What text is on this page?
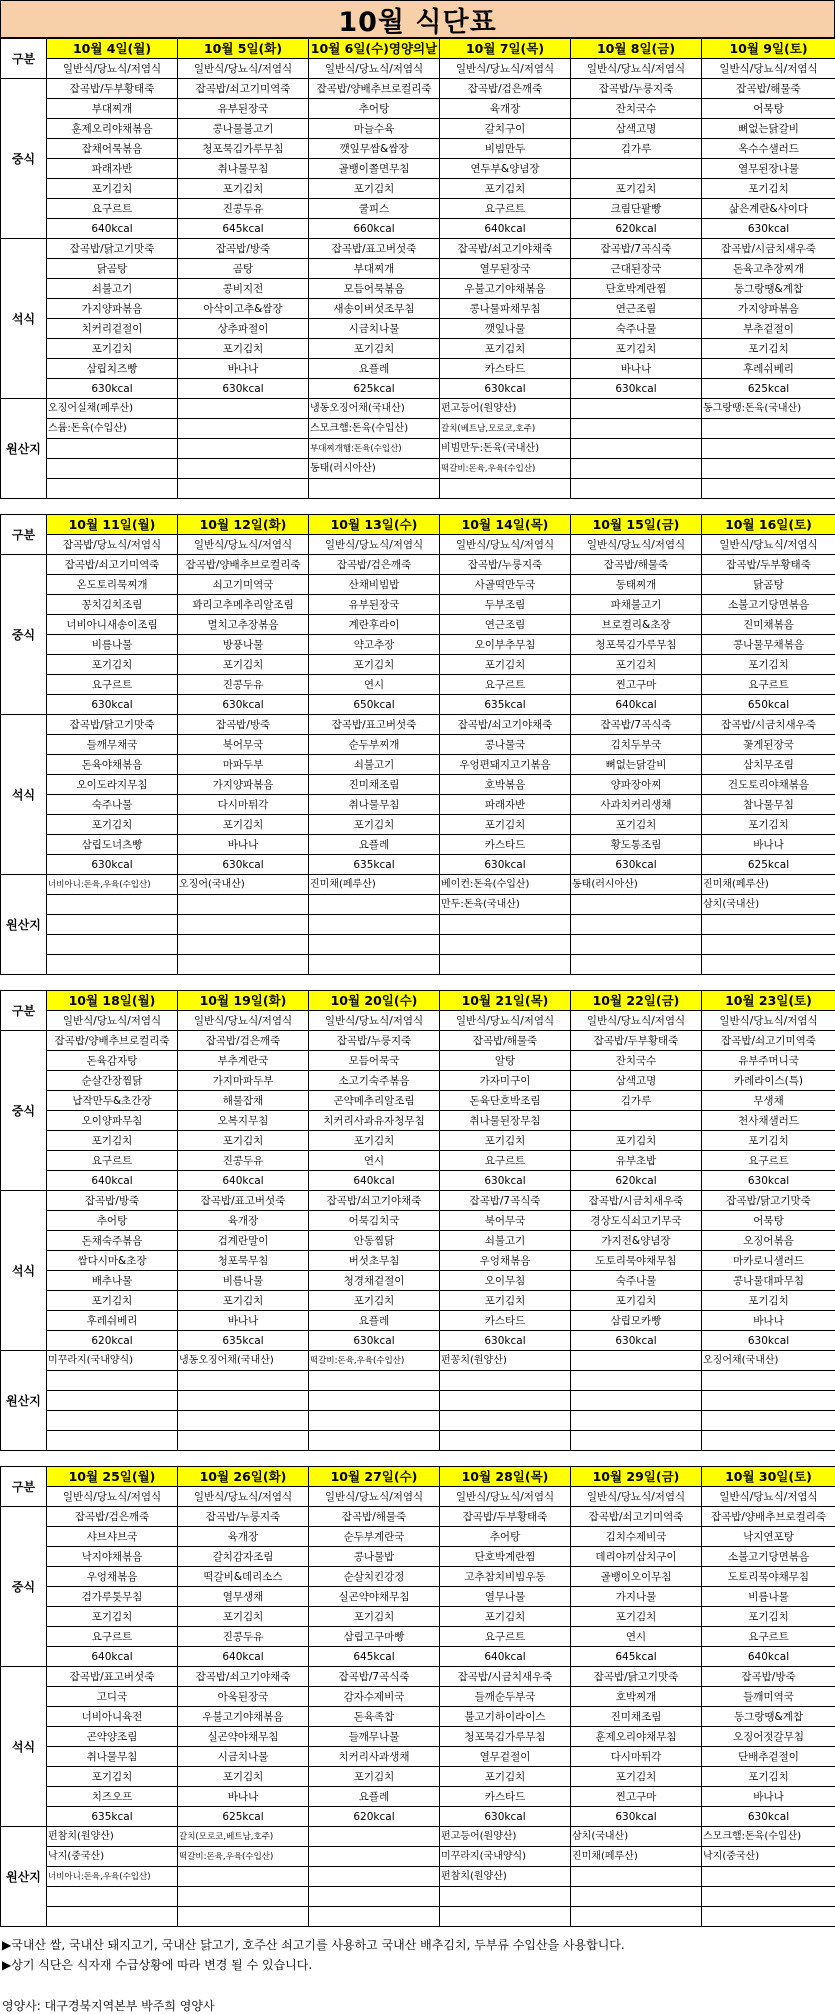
10월 식단표
구분	10월 4일(월)	10월 5일(화)	10월 6일(수)영양의날	10월 7일(목)	10월 8일(금)	10월 9일(토)
	일반식/당뇨식/저염식	일반식/당뇨식/저염식	일반식/당뇨식/저염식	일반식/당뇨식/저염식	일반식/당뇨식/저염식	일반식/당뇨식/저염식
중식	잡곡밥/두부황태죽	잡곡밥/쇠고기미역죽	잡곡밥/양배추브로컬리죽	잡곡밥/검은깨죽	잡곡밥/누룽지죽	잡곡밥/해물죽
	부대찌개	유부된장국	추어탕	육개장	잔치국수	어묵탕
	훈제오리야채볶음	콩나물불고기	마늘수육	갈치구이	삼색고명	뼈없는닭갈비
	잡채어묵볶음	청포묵김가루무침	깻잎무쌈&쌈장	비빔만두	김가루	옥수수샐러드
	파래자반	취나물무침	골뱅이쫄면무침	연두부&양념장		열무된장나물
	포기김치	포기김치	포기김치	포기김치	포기김치	포기김치
	요구르트	진콩두유	쿨피스	요구르트	크림단팥빵	삶은계란&사이다
	640kcal	645kcal	660kcal	640kcal	620kcal	630kcal
석식	잡곡밥/닭고기맛죽	잡곡밥/방죽	잡곡밥/표고버섯죽	잡곡밥/쇠고기야채죽	잡곡밥/7곡식죽	잡곡밥/시금치새우죽
	닭곰탕	곰탕	부대찌개	열무된장국	근대된장국	돈육고추장찌개
	쇠불고기	콩비지전	모듬어묵볶음	우불고기야채볶음	단호박계란찜	동그랑땡&계찹
	가지양파볶음	아삭이고추&쌈장	새송이버섯조무침	콩나물파채무침	연근조림	가지양파볶음
	치커리겉절이	상추파절이	시금치나물	깻잎나물	숙주나물	부추겉절이
	포기김치	포기김치	포기김치	포기김치	포기김치	포기김치
	삼립치즈빵	바나나	요플레	카스타드	바나나	후레쉬베리
	630kcal	630kcal	625kcal	630kcal	630kcal	625kcal
원산지	오징어실채(페루산)		냉동오징어채(국내산)	펀고등어(원양산)		동그랑땡:돈육(국내산)
	스륨:돈육(수입산)		스모크햄:돈육(수입산)	갈치(베트남,모로코,호주)		
			부대찌개햄:돈육(수입산)	비빔만두:돈육(국내산)		
			동태(러시아산)	떡갈비:돈육,우육(수입산)		

구분	10월 11일(월)	10월 12일(화)	10월 13일(수)	10월 14일(목)	10월 15일(금)	10월 16일(토)
	잡곡밥/당뇨식/저염식	일반식/당뇨식/저염식	일반식/당뇨식/저염식	일반식/당뇨식/저염식	일반식/당뇨식/저염식	일반식/당뇨식/저염식
중식	잡곡밥/쇠고기미역죽	잡곡밥/양배추브로컬리죽	잡곡밥/검은깨죽	잡곡밥/누룽지죽	잡곡밥/해물죽	잡곡밥/두부황태죽
	온도토리묵찌개	쇠고기미역국	산채비빔밥	사골떡만두국	동태찌개	닭곰탕
	꽁치김치조림	꽈리고추메추리알조림	유부된장국	두부조림	파채불고기	소불고기당면볶음
	너비아니새송이조림	멸치고추장볶음	계란후라이	연근조림	브로컬리&초장	진미채볶음
	비름나물	방풍나물	약고추장	오이부추무침	청포묵김가루무침	콩나물무채볶음
	포기김치	포기김치	포기김치	포기김치	포기김치	포기김치
	요구르트	진콩두유	연시	요구르트	찐고구마	요구르트
	630kcal	630kcal	650kcal	635kcal	640kcal	650kcal
석식	잡곡밥/닭고기맛죽	잡곡밥/방죽	잡곡밥/표고버섯죽	잡곡밥/쇠고기야채죽	잡곡밥/7곡식죽	잡곡밥/시금치새우죽
	들깨무채국	북어무국	순두부찌개	콩나물국	김치두부국	꽃게된장국
	돈육야채볶음	마파두부	쇠불고기	우엉편돼지고기볶음	뼈없는닭갈비	삼치무조림
	오이도라지무침	가지양파볶음	진미채조림	호박볶음	양파장아찌	건도토리야채볶음
	숙주나물	다시마튀각	취나물무침	파래자반	사과치커리생채	참나물무침
	포기김치	포기김치	포기김치	포기김치	포기김치	포기김치
	삼립도너츠빵	바나나	요플레	카스타드	황도통조림	바나나
	630kcal	630kcal	635kcal	630kcal	630kcal	625kcal
원산지	너비아니:돈육,우육(수입산)	오징어(국내산)	진미채(페루산)	베이컨:돈육(수입산)	동태(러시아산)	진미채(페루산)
				만두:돈육(국내산)		삼치(국내산)

구분	10월 18일(월)	10월 19일(화)	10월 20일(수)	10월 21일(목)	10월 22일(금)	10월 23일(토)
	일반식/당뇨식/저염식	일반식/당뇨식/저염식	일반식/당뇨식/저염식	일반식/당뇨식/저염식	일반식/당뇨식/저염식	일반식/당뇨식/저염식
중식	잡곡밥/양배추브로컬리죽	잡곡밥/검은깨죽	잡곡밥/누룽지죽	잡곡밥/해물죽	잡곡밥/두부황태죽	잡곡밥/쇠고기미역죽
	돈육감자탕	부추계란국	모듬어묵국	알탕	잔치국수	유부주머니국
	순살간장찜닭	가지마파두부	소고기숙주볶음	가자미구이	삼색고명	카레라이스(특)
	납작만두&초간장	해물잡채	곤약메추리알조림	돈육단호박조림	김가루	무생채
	오이양파무침	오복지무침	치커리사과유자청무침	취나물된장무침		천사채샐러드
	포기김치	포기김치	포기김치	포기김치	포기김치	포기김치
	요구르트	진콩두유	연시	요구르트	유부초밥	요구르트
	640kcal	640kcal	640kcal	630kcal	620kcal	630kcal
석식	잡곡밥/방죽	잡곡밥/표고버섯죽	잡곡밥/쇠고기야채죽	잡곡밥/7곡식죽	잡곡밥/시금치새우죽	잡곡밥/닭고기맛죽
	추어탕	육개장	어묵김치국	북어무국	경상도식쇠고기무국	어묵탕
	돈채숙주볶음	검계란말이	안동찜닭	쇠불고기	가지전&양념장	오징어볶음
	쌈다시마&초장	청포묵무침	버섯초무침	우엉채볶음	도토리묵야채무침	마카로니샐러드
	배추나물	비름나물	청경채겉절이	오이무침	숙주나물	콩나물대파무침
	포기김치	포기김치	포기김치	포기김치	포기김치	포기김치
	후레쉬베리	바나나	요플레	카스타드	삼립모카빵	바나나
	620kcal	635kcal	630kcal	630kcal	630kcal	630kcal
원산지	미꾸라지(국내양식)	냉동오징어채(국내산)	떡갈비:돈육,우육(수입산)	펀꽁치(원양산)		오징어채(국내산)

구분	10월 25일(월)	10월 26일(화)	10월 27일(수)	10월 28일(목)	10월 29일(금)	10월 30일(토)
	일반식/당뇨식/저염식	일반식/당뇨식/저염식	일반식/당뇨식/저염식	일반식/당뇨식/저염식	일반식/당뇨식/저염식	일반식/당뇨식/저염식
중식	잡곡밥/검은깨죽	잡곡밥/누룽지죽	잡곡밥/해물죽	잡곡밥/두부황태죽	잡곡밥/쇠고기미역죽	잡곡밥/양배추브로컬리죽
	샤브샤브국	육개장	순두부계란국	추어탕	김치수제비국	낙지연포탕
	낙지야채볶음	갈치감자조림	콩나물밥	단호박계란찜	데리야끼삼치구이	소불고기당면볶음
	우엉채볶음	떡갈비&데리소스	순살치킨강정	고추참치비빔우동	골뱅이오이무침	도토리묵야채무침
	검가루톳무침	열무생채	실곤약야채무침	열무나물	가지나물	비름나물
	포기김치	포기김치	포기김치	포기김치	포기김치	포기김치
	요구르트	진콩두유	삼립고구마빵	요구르트	연시	요구르트
	640kcal	640kcal	645kcal	640kcal	645kcal	640kcal
석식	잡곡밥/표고버섯죽	잡곡밥/쇠고기야채죽	잡곡밥/7곡식죽	잡곡밥/시금치새우죽	잡곡밥/닭고기맛죽	잡곡밥/방죽
	고디국	아욱된장국	감자수제비국	들깨순두부국	호박찌개	들깨미역국
	너비아니육전	우불고기야채볶음	돈육족찹	불고기하이라이스	진미채조림	동그랑땡&계찹
	곤약양조림	실곤약야채무침	들깨무나물	청포묵김가루무침	훈제오리야채무침	오징어젓갈무침
	취나물무침	시금치나물	치커리사과생채	열무겉절이	다시마튀각	단배추겉절이
	포기김치	포기김치	포기김치	포기김치	포기김치	포기김치
	치즈오프	바나나	요플레	카스타드	찐고구마	바나나
	635kcal	625kcal	620kcal	630kcal	630kcal	630kcal
원산지	펀참치(원양산)	갈치(모로코,베트남,호주)		펀고등어(원양산)	삼치(국내산)	스모크햄:돈육(수입산)
	낙지(중국산)	떡갈비:돈육,우육(수입산)		미꾸라지(국내양식)	진미채(페루산)	낙지(중국산)
	너비아니:돈육,우육(수입산)			펀참치(원양산)		

▶국내산 쌀, 국내산 돼지고기, 국내산 닭고기, 호주산 쇠고기를 사용하고 국내산 배추김치, 두부류 수입산을 사용합니다.
▶상기 식단은 식자재 수급상황에 따라 변경 될 수 있습니다.
영양사: 대구경북지역본부 박주희 영양사
